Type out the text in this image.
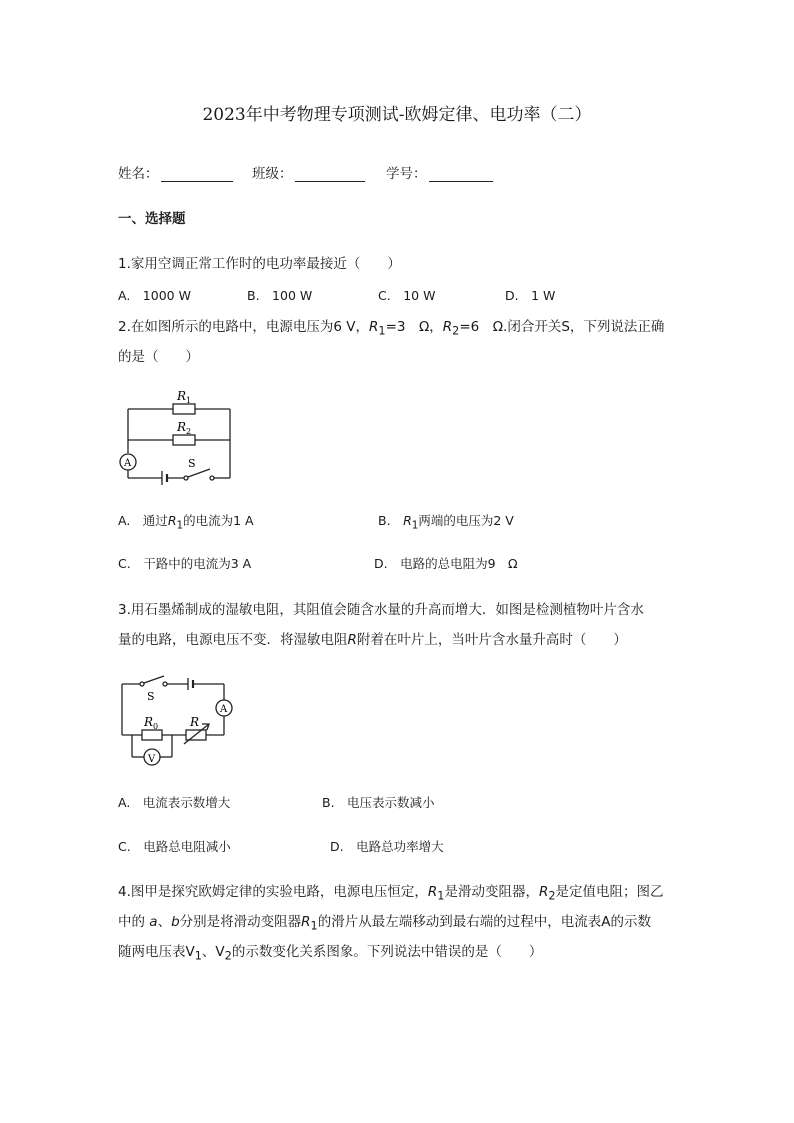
2023年中考物理专项测试-欧姆定律、电功率（二）
姓名：	班级：	学号：
一、选择题
1.家用空调正常工作时的电功率最接近（　　）
A.　1000 W	B.　100 W	C.　10 W	D.　1 W
2.在如图所示的电路中，电源电压为6 V，$R_1=3$　Ω，$R_2=6$　Ω.闭合开关S，下列说法正确
的是（　　）
R 1
R 2
A	S
A.　通过$R_1$的电流为1 A	B.　$R_1$两端的电压为2 V
C.　干路中的电流为3 A	D.　电路的总电阻为9　Ω
3.用石墨烯制成的湿敏电阻，其阻值会随含水量的升高而增大．如图是检测植物叶片含水
量的电路，电源电压不变．将湿敏电阻R附着在叶片上，当叶片含水量升高时（　　）
S
A
V
R 0	R
A.　电流表示数增大	B.　电压表示数减小
C.　电路总电阻减小	D.　电路总功率增大
4.图甲是探究欧姆定律的实验电路，电源电压恒定，$R_1$是滑动变阻器，$R_2$是定值电阻；图乙
中的 a、b分别是将滑动变阻器$R_1$的滑片从最左端移动到最右端的过程中，电流表A的示数
随两电压表$V_1$、$V_2$的示数变化关系图象。下列说法中错误的是（　　）
